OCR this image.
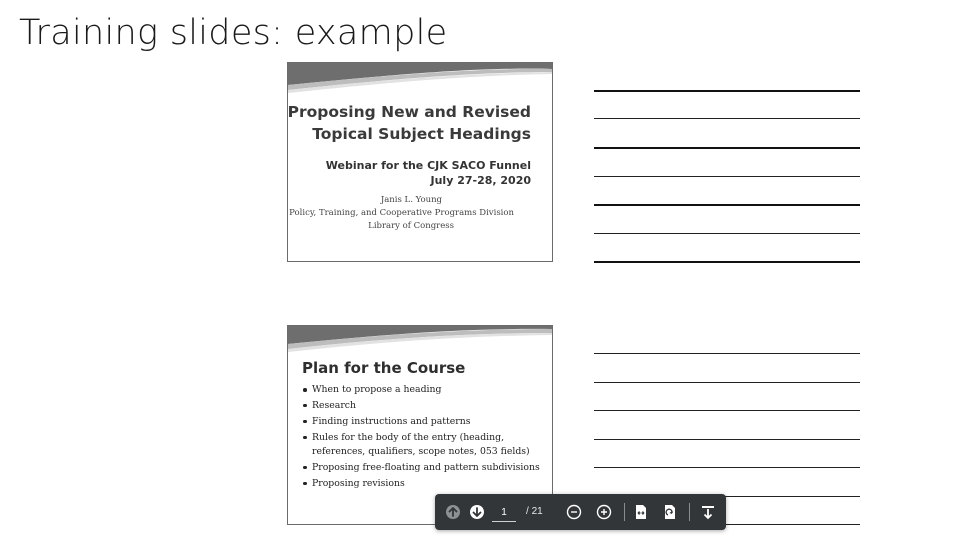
Training slides: example
Proposing New and Revised
Topical Subject Headings
Webinar for the CJK SACO Funnel
July 27-28, 2020
Janis L. Young
Policy, Training, and Cooperative Programs Division
Library of Congress
Plan for the Course
When to propose a heading
Research
Finding instructions and patterns
Rules for the body of the entry (heading, references, qualifiers, scope notes, 053 fields)
Proposing free-floating and pattern subdivisions
Proposing revisions
1
/ 21
